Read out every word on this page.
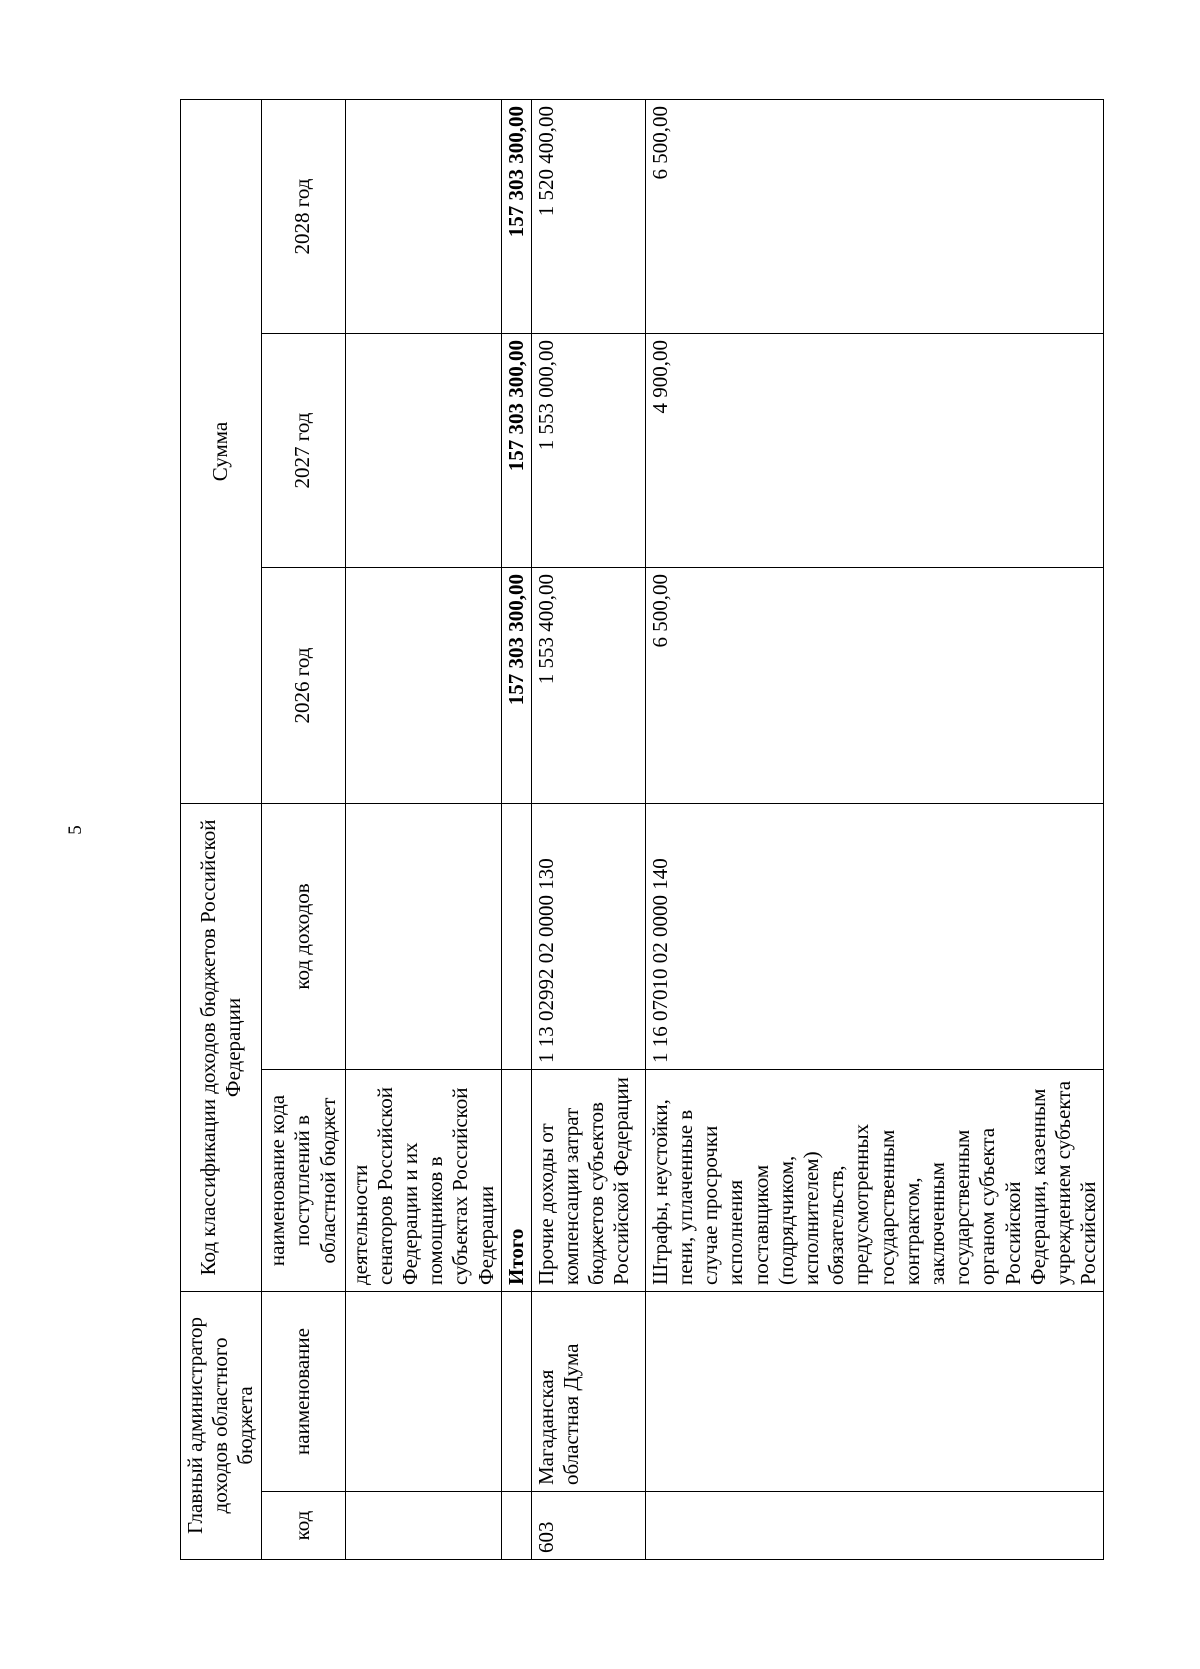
5
Главный администратор доходов областного бюджета		Код классификации доходов бюджетов Российской Федерации		Сумма		
код	наименование	наименование кода поступлений в областной бюджет	код доходов	2026 год	2027 год	2028 год
		деятельности сенаторов Российской Федерации и их помощников в субъектах Российской Федерации				
		Итого		157 303 300,00	157 303 300,00	157 303 300,00
603	Магаданская областная Дума	Прочие доходы от компенсации затрат бюджетов субъектов Российской Федерации	1 13 02992 02 0000 130	1 553 400,00	1 553 000,00	1 520 400,00
		Штрафы, неустойки, пени, уплаченные в случае просрочки исполнения поставщиком (подрядчиком, исполнителем) обязательств, предусмотренных государственным контрактом, заключенным государственным органом субъекта Российской Федерации, казенным учреждением субъекта Российской	1 16 07010 02 0000 140	6 500,00	4 900,00	6 500,00
